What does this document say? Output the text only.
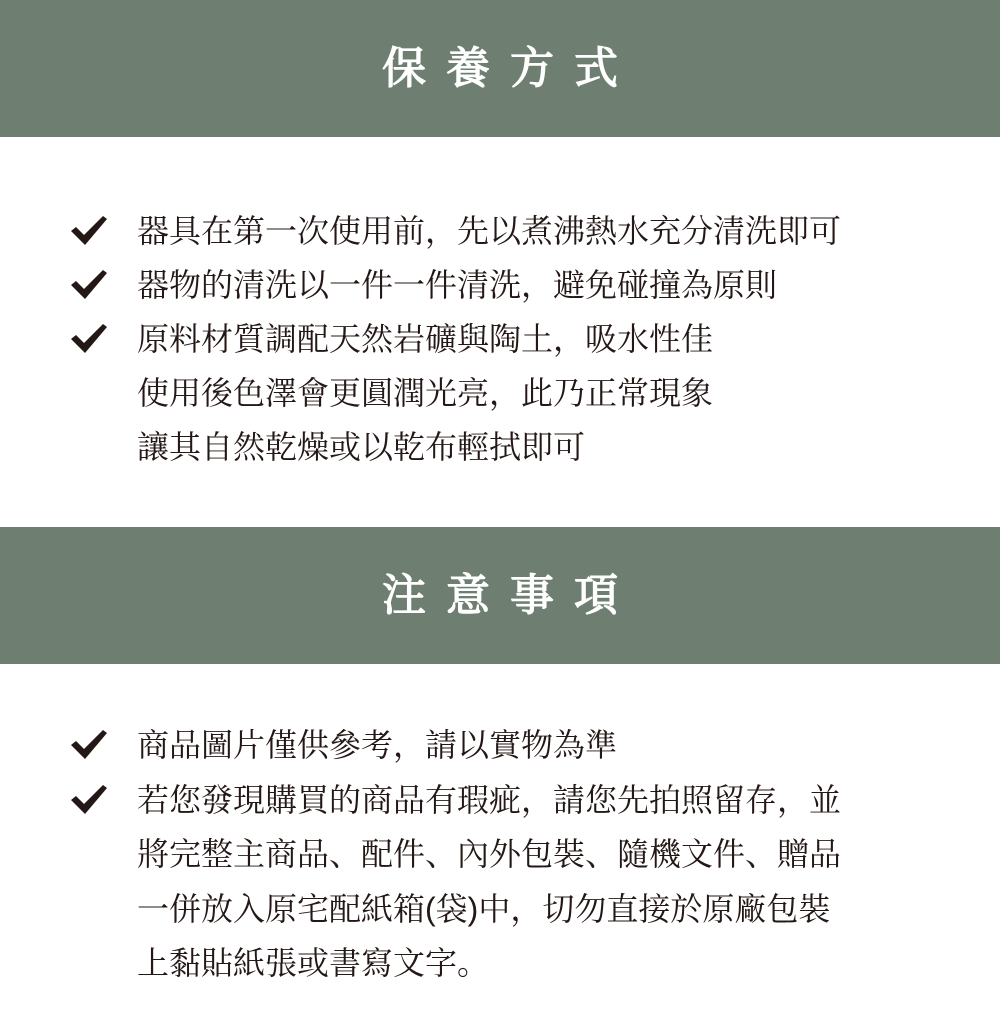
保養方式
器具在第一次使用前，先以煮沸熱水充分清洗即可
器物的清洗以一件一件清洗，避免碰撞為原則
原料材質調配天然岩礦與陶土，吸水性佳
使用後色澤會更圓潤光亮，此乃正常現象
讓其自然乾燥或以乾布輕拭即可
注意事項
商品圖片僅供參考，請以實物為準
若您發現購買的商品有瑕疵，請您先拍照留存，並
將完整主商品、配件、內外包裝、隨機文件、贈品
一併放入原宅配紙箱(袋)中，切勿直接於原廠包裝
上黏貼紙張或書寫文字。
